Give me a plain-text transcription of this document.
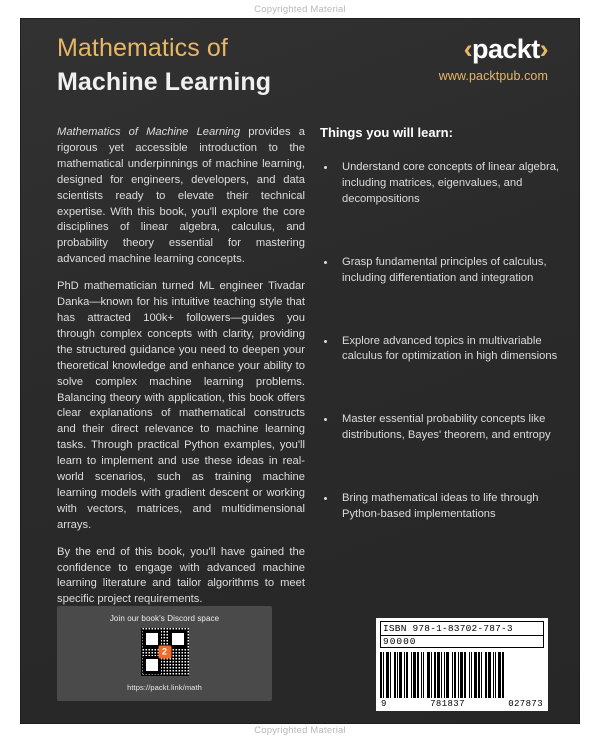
Copyrighted Material
Mathematics of
Machine Learning
‹packt›
www.packtpub.com

Mathematics of Machine Learning provides a rigorous yet accessible introduction to the mathematical underpinnings of machine learning, designed for engineers, developers, and data scientists ready to elevate their technical expertise. With this book, you'll explore the core disciplines of linear algebra, calculus, and probability theory essential for mastering advanced machine learning concepts.

PhD mathematician turned ML engineer Tivadar Danka—known for his intuitive teaching style that has attracted 100k+ followers—guides you through complex concepts with clarity, providing the structured guidance you need to deepen your theoretical knowledge and enhance your ability to solve complex machine learning problems. Balancing theory with application, this book offers clear explanations of mathematical constructs and their direct relevance to machine learning tasks. Through practical Python examples, you'll learn to implement and use these ideas in real-world scenarios, such as training machine learning models with gradient descent or working with vectors, matrices, and multidimensional arrays.

By the end of this book, you'll have gained the confidence to engage with advanced machine learning literature and tailor algorithms to meet specific project requirements.

Things you will learn:
Understand core concepts of linear algebra, including matrices, eigenvalues, and decompositions
Grasp fundamental principles of calculus, including differentiation and integration
Explore advanced topics in multivariable calculus for optimization in high dimensions
Master essential probability concepts like distributions, Bayes' theorem, and entropy
Bring mathematical ideas to life through Python-based implementations
Join our book's Discord space
2
https://packt.link/math
ISBN 978-1-83702-787-3
90000
9	781837	027873
Copyrighted Material
